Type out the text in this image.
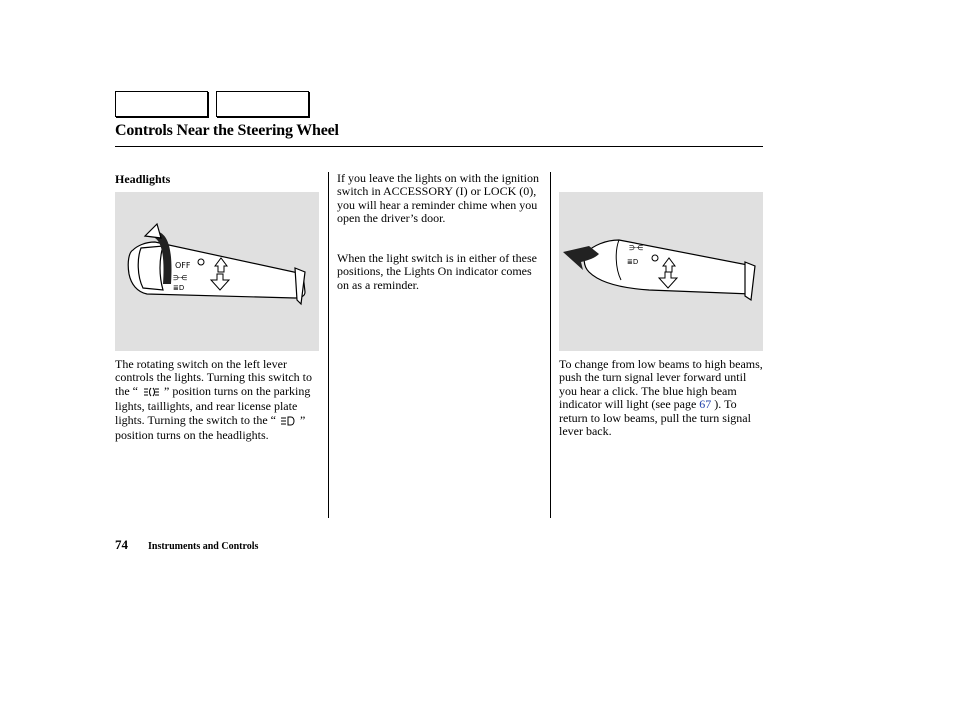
Controls Near the Steering Wheel
Headlights
OFF
⋺⋲
≣D

The rotating switch on the left lever controls the lights. Turning this switch to the “ ” position turns on the parking lights, taillights, and rear license plate lights. Turning the switch to the “ ” position turns on the headlights.

If you leave the lights on with the ignition switch in ACCESSORY (I) or LOCK (0), you will hear a reminder chime when you open the driver’s door.
When the light switch is in either of these positions, the Lights On indicator comes on as a reminder.
⋺⋲
≣D

To change from low beams to high beams, push the turn signal lever forward until you hear a click. The blue high beam indicator will light (see page 67 ). To return to low beams, pull the turn signal lever back.

74 Instruments and Controls
